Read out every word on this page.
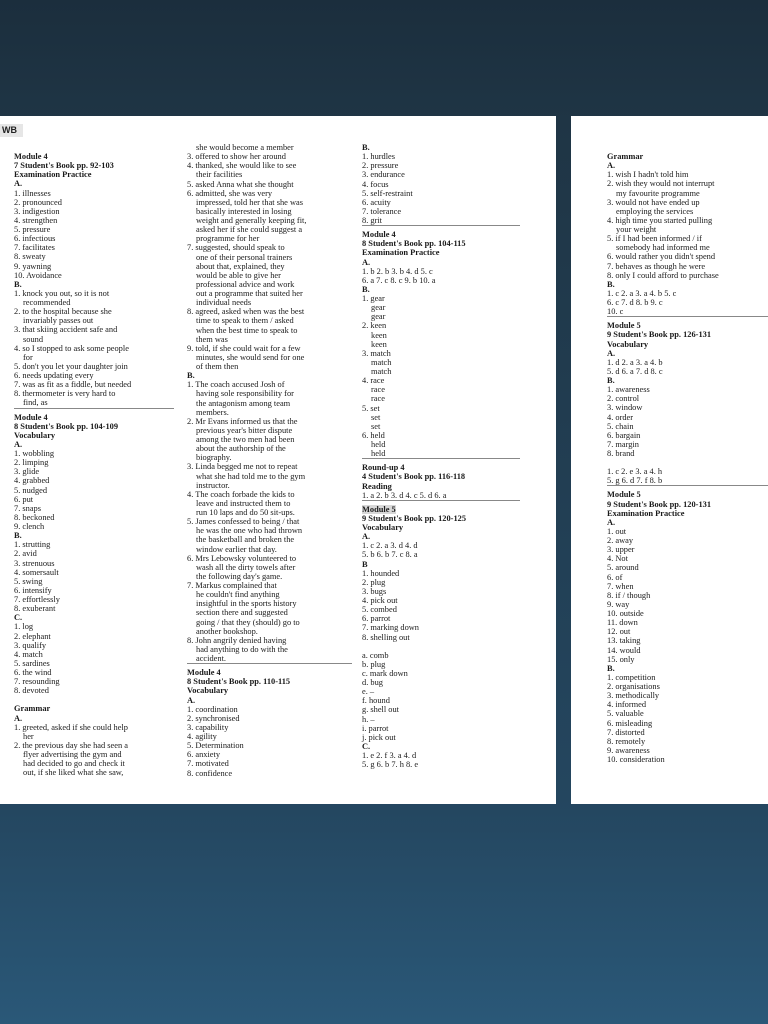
WB
Module 4
7 Student's Book pp. 92-103
Examination Practice
A.
1. illnesses
2. pronounced
3. indigestion
4. strengthen
5. pressure
6. infectious
7. facilitates
8. sweaty
9. yawning
10. Avoidance
B.
1. knock you out, so it is not
recommended
2. to the hospital because she
invariably passes out
3. that skiing accident safe and
sound
4. so I stopped to ask some people
for
5. don't you let your daughter join
6. needs updating every
7. was as fit as a fiddle, but needed
8. thermometer is very hard to
find, as
Module 4
8 Student's Book pp. 104-109
Vocabulary
A.
1. wobbling
2. limping
3. glide
4. grabbed
5. nudged
6. put
7. snaps
8. beckoned
9. clench
B.
1. strutting
2. avid
3. strenuous
4. somersault
5. swing
6. intensify
7. effortlessly
8. exuberant
C.
1. log
2. elephant
3. qualify
4. match
5. sardines
6. the wind
7. resounding
8. devoted
Grammar
A.
1. greeted, asked if she could help
her
2. the previous day she had seen a
flyer advertising the gym and
had decided to go and check it
out, if she liked what she saw,
she would become a member
3. offered to show her around
4. thanked, she would like to see
their facilities
5. asked Anna what she thought
6. admitted, she was very
impressed, told her that she was
basically interested in losing
weight and generally keeping fit,
asked her if she could suggest a
programme for her
7. suggested, should speak to
one of their personal trainers
about that, explained, they
would be able to give her
professional advice and work
out a programme that suited her
individual needs
8. agreed, asked when was the best
time to speak to them / asked
when the best time to speak to
them was
9. told, if she could wait for a few
minutes, she would send for one
of them then
B.
1. The coach accused Josh of
having sole responsibility for
the antagonism among team
members.
2. Mr Evans informed us that the
previous year's bitter dispute
among the two men had been
about the authorship of the
biography.
3. Linda begged me not to repeat
what she had told me to the gym
instructor.
4. The coach forbade the kids to
leave and instructed them to
run 10 laps and do 50 sit-ups.
5. James confessed to being / that
he was the one who had thrown
the basketball and broken the
window earlier that day.
6. Mrs Lebowsky volunteered to
wash all the dirty towels after
the following day's game.
7. Markus complained that
he couldn't find anything
insightful in the sports history
section there and suggested
going / that they (should) go to
another bookshop.
8. John angrily denied having
had anything to do with the
accident.
Module 4
8 Student's Book pp. 110-115
Vocabulary
A.
1. coordination
2. synchronised
3. capability
4. agility
5. Determination
6. anxiety
7. motivated
8. confidence
B.
1. hurdles
2. pressure
3. endurance
4. focus
5. self-restraint
6. acuity
7. tolerance
8. grit
Module 4
8 Student's Book pp. 104-115
Examination Practice
A.
1. b 2. b 3. b 4. d 5. c
6. a 7. c 8. c 9. b 10. a
B.
1. gear
gear
gear
2. keen
keen
keen
3. match
match
match
4. race
race
race
5. set
set
set
6. held
held
held
Round-up 4
4 Student's Book pp. 116-118
Reading
1. a 2. b 3. d 4. c 5. d 6. a
Module 5
9 Student's Book pp. 120-125
Vocabulary
A.
1. c 2. a 3. d 4. d
5. b 6. b 7. c 8. a
B
1. hounded
2. plug
3. bugs
4. pick out
5. combed
6. parrot
7. marking down
8. shelling out
a. comb
b. plug
c. mark down
d. bug
e. –
f. hound
g. shell out
h. –
i. parrot
j. pick out
C.
1. e 2. f 3. a 4. d
5. g 6. b 7. h 8. e
Grammar
A.
1. wish I hadn't told him
2. wish they would not interrupt
my favourite programme
3. would not have ended up
employing the services
4. high time you started pulling
your weight
5. if I had been informed / if
somebody had informed me
6. would rather you didn't spend
7. behaves as though he were
8. only I could afford to purchase
B.
1. c 2. a 3. a 4. b 5. c
6. c 7. d 8. b 9. c
10. c
Module 5
9 Student's Book pp. 126-131
Vocabulary
A.
1. d 2. a 3. a 4. b
5. d 6. a 7. d 8. c
B.
1. awareness
2. control
3. window
4. order
5. chain
6. bargain
7. margin
8. brand
1. c 2. e 3. a 4. h
5. g 6. d 7. f 8. b
Module 5
9 Student's Book pp. 120-131
Examination Practice
A.
1. out
2. away
3. upper
4. Not
5. around
6. of
7. when
8. if / though
9. way
10. outside
11. down
12. out
13. taking
14. would
15. only
B.
1. competition
2. organisations
3. methodically
4. informed
5. valuable
6. misleading
7. distorted
8. remotely
9. awareness
10. consideration
